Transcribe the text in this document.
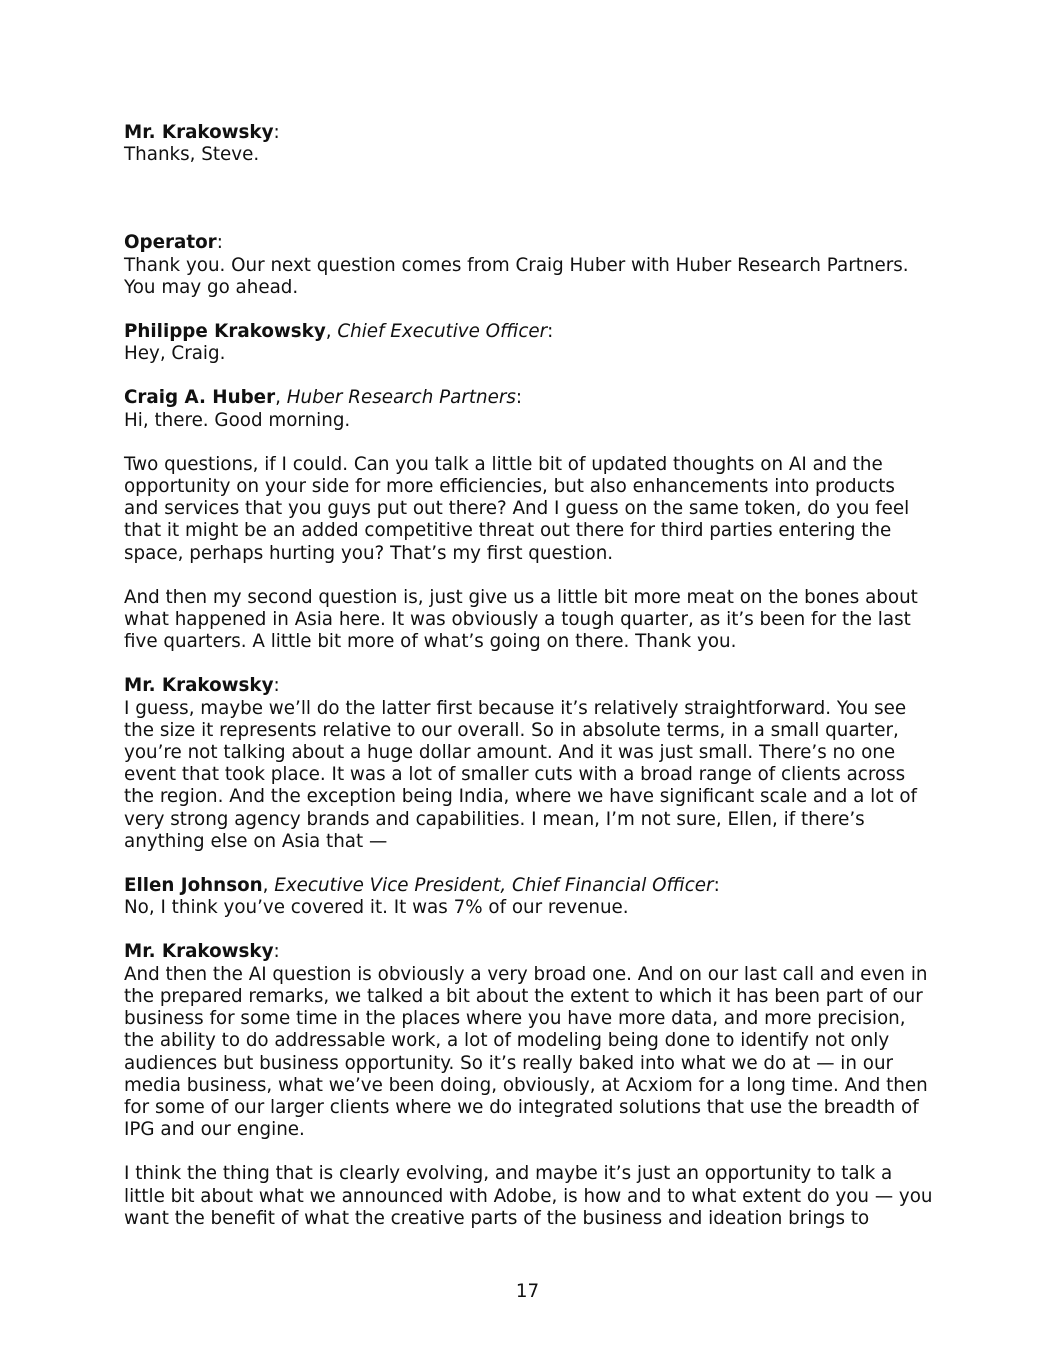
Mr. Krakowsky:

Thanks, Steve.

Operator:

Thank you. Our next question comes from Craig Huber with Huber Research Partners. You may go ahead.

Philippe Krakowsky, Chief Executive Officer:

Hey, Craig.

Craig A. Huber, Huber Research Partners:

Hi, there. Good morning.

Two questions, if I could. Can you talk a little bit of updated thoughts on AI and the opportunity on your side for more efficiencies, but also enhancements into products and services that you guys put out there? And I guess on the same token, do you feel that it might be an added competitive threat out there for third parties entering the space, perhaps hurting you? That’s my first question.

And then my second question is, just give us a little bit more meat on the bones about what happened in Asia here. It was obviously a tough quarter, as it’s been for the last five quarters. A little bit more of what’s going on there. Thank you.

Mr. Krakowsky:

I guess, maybe we’ll do the latter first because it’s relatively straightforward. You see the size it represents relative to our overall. So in absolute terms, in a small quarter, you’re not talking about a huge dollar amount. And it was just small. There’s no one event that took place. It was a lot of smaller cuts with a broad range of clients across the region. And the exception being India, where we have significant scale and a lot of very strong agency brands and capabilities. I mean, I’m not sure, Ellen, if there’s anything else on Asia that —

Ellen Johnson, Executive Vice President, Chief Financial Officer:

No, I think you’ve covered it. It was 7% of our revenue.

Mr. Krakowsky:

And then the AI question is obviously a very broad one. And on our last call and even in the prepared remarks, we talked a bit about the extent to which it has been part of our business for some time in the places where you have more data, and more precision, the ability to do addressable work, a lot of modeling being done to identify not only audiences but business opportunity. So it’s really baked into what we do at — in our media business, what we’ve been doing, obviously, at Acxiom for a long time. And then for some of our larger clients where we do integrated solutions that use the breadth of IPG and our engine.

I think the thing that is clearly evolving, and maybe it’s just an opportunity to talk a little bit about what we announced with Adobe, is how and to what extent do you — you want the benefit of what the creative parts of the business and ideation brings to

17
